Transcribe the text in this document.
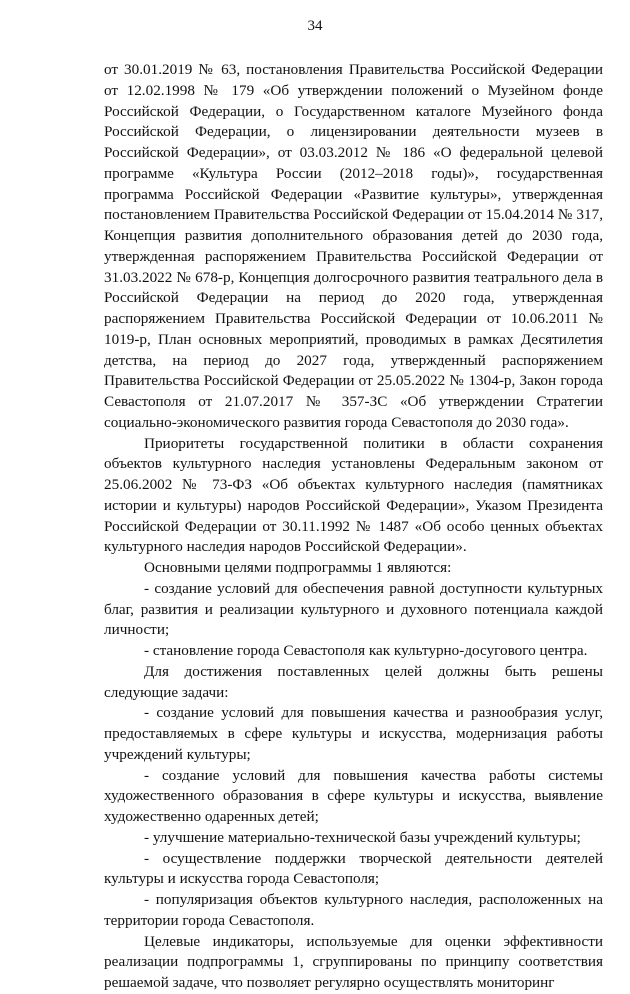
34

от 30.01.2019 № 63, постановления Правительства Российской Федерации от 12.02.1998 № 179 «Об утверждении положений о Музейном фонде Российской Федерации, о Государственном каталоге Музейного фонда Российской Федерации, о лицензировании деятельности музеев в Российской Федерации», от 03.03.2012 № 186 «О федеральной целевой программе «Культура России (2012–2018 годы)», государственная программа Российской Федерации «Развитие культуры», утвержденная постановлением Правительства Российской Федерации от 15.04.2014 № 317, Концепция развития дополнительного образования детей до 2030 года, утвержденная распоряжением Правительства Российской Федерации от 31.03.2022 № 678-р, Концепция долгосрочного развития театрального дела в Российской Федерации на период до 2020 года, утвержденная распоряжением Правительства Российской Федерации от 10.06.2011 № 1019-р, План основных мероприятий, проводимых в рамках Десятилетия детства, на период до 2027 года, утвержденный распоряжением Правительства Российской Федерации от 25.05.2022 № 1304-р, Закон города Севастополя от 21.07.2017 № 357-ЗС «Об утверждении Стратегии социально-экономического развития города Севастополя до 2030 года».

Приоритеты государственной политики в области сохранения объектов культурного наследия установлены Федеральным законом от 25.06.2002 № 73-ФЗ «Об объектах культурного наследия (памятниках истории и культуры) народов Российской Федерации», Указом Президента Российской Федерации от 30.11.1992 № 1487 «Об особо ценных объектах культурного наследия народов Российской Федерации».

Основными целями подпрограммы 1 являются:

- создание условий для обеспечения равной доступности культурных благ, развития и реализации культурного и духовного потенциала каждой личности;

- становление города Севастополя как культурно-досугового центра.

Для достижения поставленных целей должны быть решены следующие задачи:

- создание условий для повышения качества и разнообразия услуг, предоставляемых в сфере культуры и искусства, модернизация работы учреждений культуры;

- создание условий для повышения качества работы системы художественного образования в сфере культуры и искусства, выявление художественно одаренных детей;

- улучшение материально-технической базы учреждений культуры;

- осуществление поддержки творческой деятельности деятелей культуры и искусства города Севастополя;

- популяризация объектов культурного наследия, расположенных на территории города Севастополя.

Целевые индикаторы, используемые для оценки эффективности реализации подпрограммы 1, сгруппированы по принципу соответствия решаемой задаче, что позволяет регулярно осуществлять мониторинг
